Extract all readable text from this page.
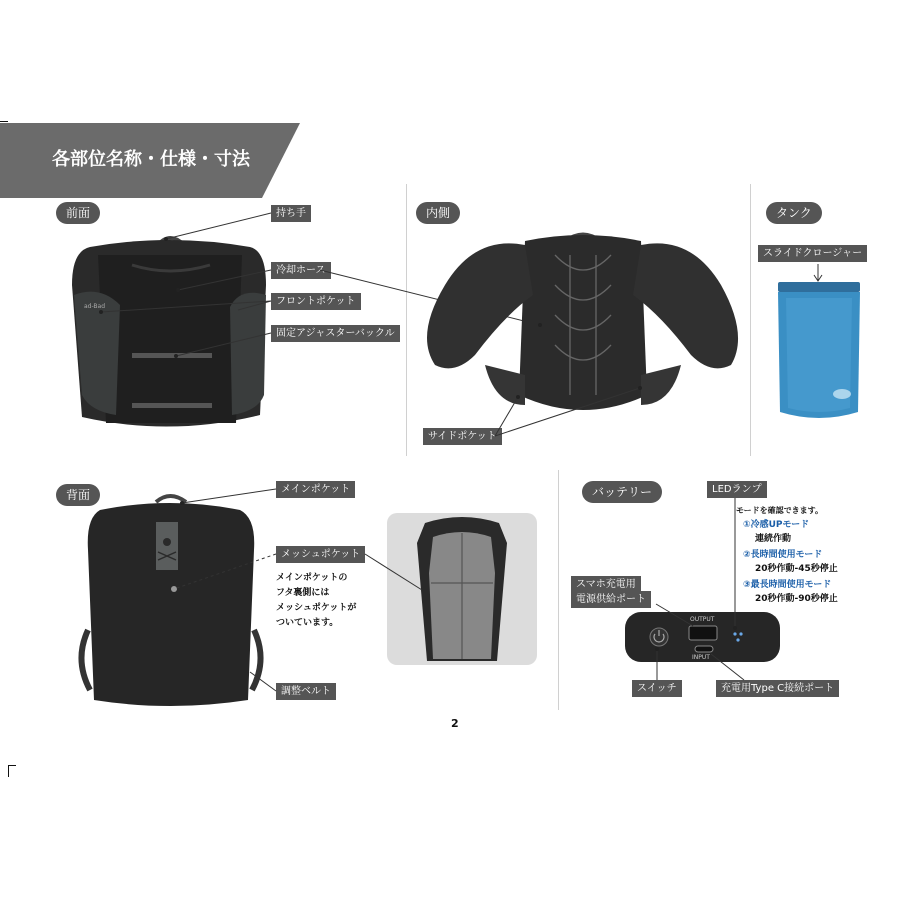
各部位名称・仕様・寸法
前面	内側	タンク
背面	バッテリー
ad-Bad
持ち手
冷却ホース
フロントポケット
固定アジャスターバックル
サイドポケット
スライドクロージャー
メインポケット
メッシュポケット
メインポケットの
フタ裏側には
メッシュポケットが
ついています。
調整ベルト
LEDランプ
モードを確認できます。
①冷感UPモード
連続作動
②長時間使用モード
20秒作動-45秒停止
③最長時間使用モード
20秒作動-90秒停止
スマホ充電用
電源供給ポート
OUTPUT
INPUT
スイッチ	充電用Type C接続ポート
2
